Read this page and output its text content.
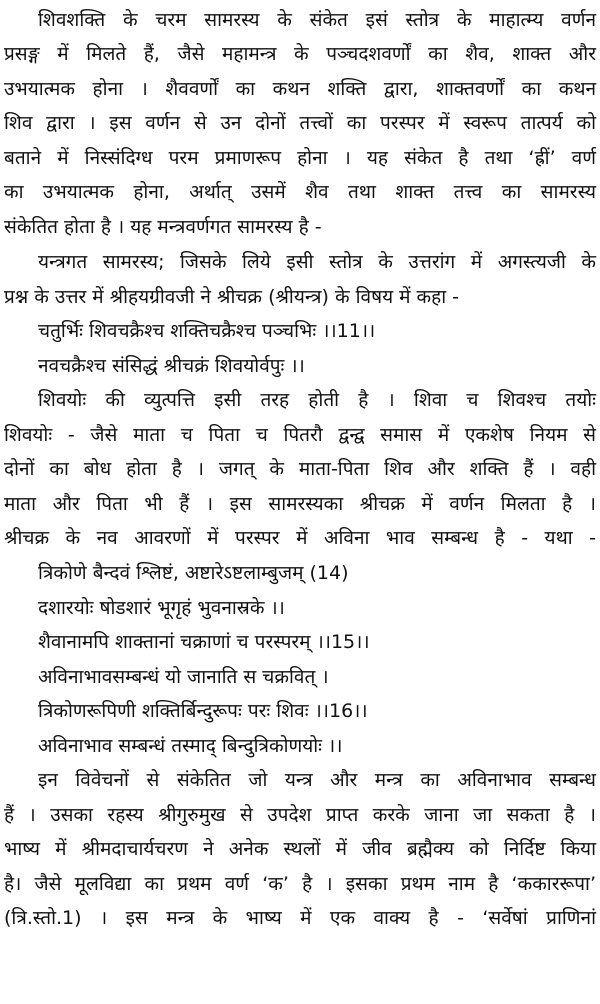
शिवशक्ति के चरम सामरस्य के संकेत इसं स्तोत्र के माहात्म्य वर्णन
प्रसङ्ग में मिलते हैं, जैसे महामन्त्र के पञ्चदशवर्णों का शैव, शाक्त और
उभयात्मक होना । शैववर्णों का कथन शक्ति द्वारा, शाक्तवर्णों का कथन
शिव द्वारा । इस वर्णन से उन दोनों तत्त्वों का परस्पर में स्वरूप तात्पर्य को
बताने में निस्संदिग्ध परम प्रमाणरूप होना । यह संकेत है तथा ‘ह्रीं’ वर्ण
का उभयात्मक होना, अर्थात् उसमें शैव तथा शाक्त तत्त्व का सामरस्य
संकेतित होता है । यह मन्त्रवर्णगत सामरस्य है -
यन्त्रगत सामरस्य; जिसके लिये इसी स्तोत्र के उत्तरांग में अगस्त्यजी के
प्रश्न के उत्तर में श्रीहयग्रीवजी ने श्रीचक्र (श्रीयन्त्र) के विषय में कहा -
चतुर्भिः शिवचक्रैश्च शक्तिचक्रैश्च पञ्चभिः ।।11।।
नवचक्रैश्च संसिद्धं श्रीचक्रं शिवयोर्वपुः ।।
शिवयोः की व्युत्पत्ति इसी तरह होती है । शिवा च शिवश्च तयोः
शिवयोः - जैसे माता च पिता च पितरौ द्वन्द्व समास में एकशेष नियम से
दोनों का बोध होता है । जगत् के माता-पिता शिव और शक्ति हैं । वही
माता और पिता भी हैं । इस सामरस्यका श्रीचक्र में वर्णन मिलता है ।
श्रीचक्र के नव आवरणों में परस्पर में अविना भाव सम्बन्ध है - यथा -
त्रिकोणे बैन्दवं श्लिष्टं, अष्टारेऽष्टलाम्बुजम् (14)
दशारयोः षोडशारं भूगृहं भुवनास्रके ।।
शैवानामपि शाक्तानां चक्राणां च परस्परम् ।।15।।
अविनाभावसम्बन्धं यो जानाति स चक्रवित् ।
त्रिकोणरूपिणी शक्तिर्बिन्दुरूपः परः शिवः ।।16।।
अविनाभाव सम्बन्धं तस्माद् बिन्दुत्रिकोणयोः ।।
इन विवेचनों से संकेतित जो यन्त्र और मन्त्र का अविनाभाव सम्बन्ध
हैं । उसका रहस्य श्रीगुरुमुख से उपदेश प्राप्त करके जाना जा सकता है ।
भाष्य में श्रीमदाचार्यचरण ने अनेक स्थलों में जीव ब्रह्मैक्य को निर्दिष्ट किया
है। जैसे मूलविद्या का प्रथम वर्ण ‘क’ है । इसका प्रथम नाम है ‘ककाररूपा’
(त्रि.स्तो.1) । इस मन्त्र के भाष्य में एक वाक्य है - ‘सर्वेषां प्राणिनां
